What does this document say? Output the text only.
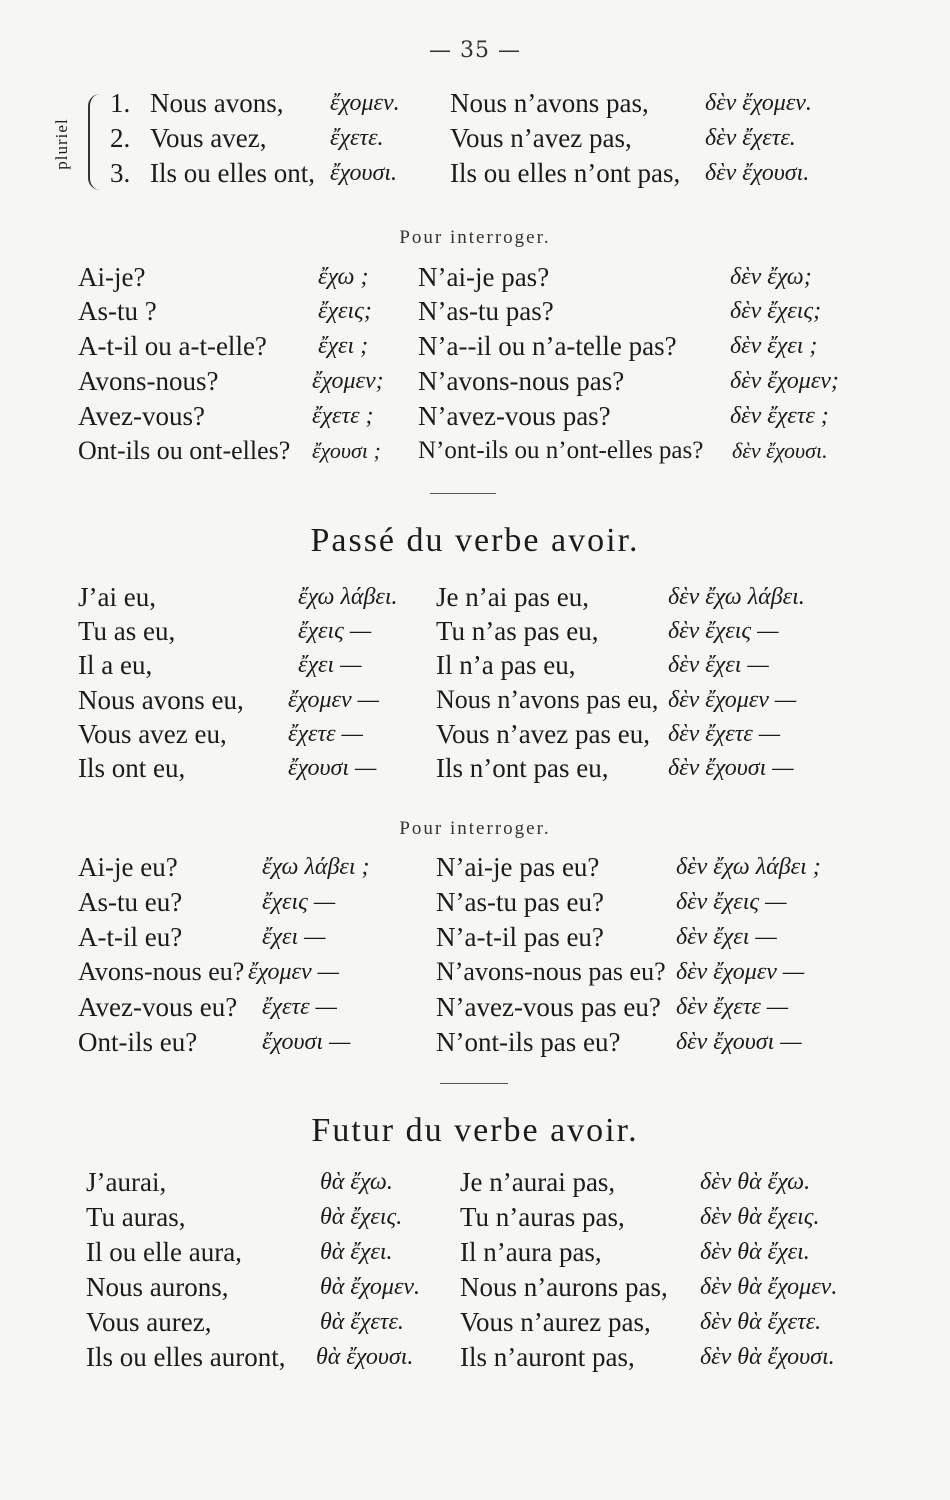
— 35 —
pluriel
1. Nous avons, ἔχομεν. Nous n’avons pas, δὲν ἔχομεν.
2. Vous avez,	ἔχετε. Vous n’avez pas,	δὲν ἔχετε.
3. Ils ou elles ont, ἔχουσι. Ils ou elles n’ont pas, δὲν ἔχουσι.
Pour interroger.
Ai-je?	ἔχω ; N’ai-je pas?	δὲν ἔχω;
As-tu ?	ἔχεις; N’as-tu pas?	δὲν ἔχεις;
A-t-il ou a-t-elle? ἔχει ; N’a--il ou n’a-telle pas? δὲν ἔχει ;
Avons-nous?	ἔχομεν; N’avons-nous pas?	δὲν ἔχομεν;
Avez-vous?	ἔχετε ; N’avez-vous pas?	δὲν ἔχετε ;
Ont-ils ou ont-elles? ἔχουσι ; N’ont-ils ou n’ont-elles pas? δὲν ἔχουσι.
Passé du verbe avoir.
J’ai eu,	ἔχω λάβει. Je n’ai pas eu,	δὲν ἔχω λάβει.
Tu as eu,	ἔχεις — Tu n’as pas eu,	δὲν ἔχεις —
Il a eu,	ἔχει —	Il n’a pas eu,	δὲν ἔχει —
Nous avons eu, ἔχομεν — Nous n’avons pas eu, δὲν ἔχομεν —
Vous avez eu,	ἔχετε —	Vous n’avez pas eu, δὲν ἔχετε —
Ils ont eu,	ἔχουσι — Ils n’ont pas eu, δὲν ἔχουσι —
Pour interroger.
Ai-je eu?	ἔχω λάβει ; N’ai-je pas eu?	δὲν ἔχω λάβει ;
As-tu eu?	ἔχεις —	N’as-tu pas eu?	δὲν ἔχεις —
A-t-il eu?	ἔχει —	N’a-t-il pas eu?	δὲν ἔχει —
Avons-nous eu? ἔχομεν —	N’avons-nous pas eu? δὲν ἔχομεν —
Avez-vous eu? ἔχετε —	N’avez-vous pas eu? δὲν ἔχετε —
Ont-ils eu?	ἔχουσι —	N’ont-ils pas eu? δὲν ἔχουσι —
Futur du verbe avoir.
J’aurai,	θὰ ἔχω. Je n’aurai pas,	δὲν θὰ ἔχω.
Tu auras,	θὰ ἔχεις. Tu n’auras pas,	δὲν θὰ ἔχεις.
Il ou elle aura,	θὰ ἔχει. Il n’aura pas,	δὲν θὰ ἔχει.
Nous aurons,	θὰ ἔχομεν. Nous n’aurons pas, δὲν θὰ ἔχομεν.
Vous aurez,	θὰ ἔχετε. Vous n’aurez pas, δὲν θὰ ἔχετε.
Ils ou elles auront, θὰ ἔχουσι. Ils n’auront pas,	δὲν θὰ ἔχουσι.
